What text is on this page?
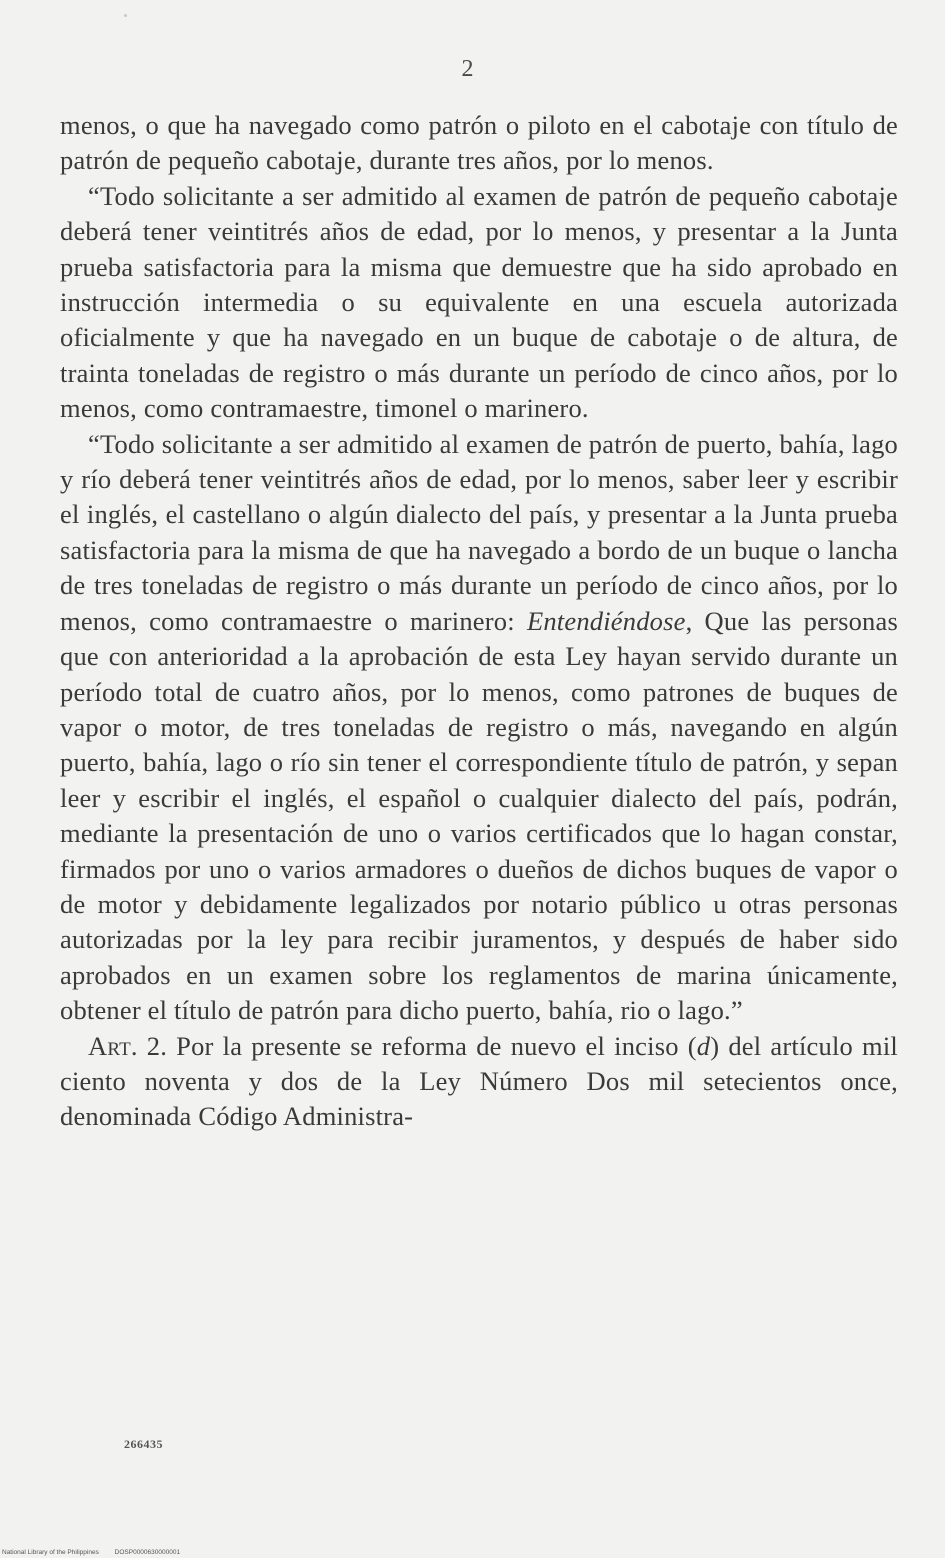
2

menos, o que ha navegado como patrón o piloto en el cabotaje con título de patrón de pequeño cabotaje, durante tres años, por lo menos.

“Todo solicitante a ser admitido al examen de patrón de pequeño cabotaje deberá tener veintitrés años de edad, por lo menos, y presentar a la Junta prueba satisfactoria para la misma que demuestre que ha sido aprobado en instrucción intermedia o su equivalente en una escuela autorizada oficialmente y que ha navegado en un buque de cabotaje o de altura, de trainta toneladas de registro o más durante un período de cinco años, por lo menos, como contramaestre, timonel o marinero.

“Todo solicitante a ser admitido al examen de patrón de puerto, bahía, lago y río deberá tener veintitrés años de edad, por lo menos, saber leer y escribir el inglés, el castellano o algún dialecto del país, y presentar a la Junta prueba satisfactoria para la misma de que ha navegado a bordo de un buque o lancha de tres toneladas de registro o más durante un período de cinco años, por lo menos, como contramaestre o marinero: Entendiéndose, Que las personas que con anterioridad a la aprobación de esta Ley hayan servido durante un período total de cuatro años, por lo menos, como patrones de buques de vapor o motor, de tres toneladas de registro o más, navegando en algún puerto, bahía, lago o río sin tener el correspondiente título de patrón, y sepan leer y escribir el inglés, el español o cualquier dialecto del país, podrán, mediante la presentación de uno o varios certificados que lo hagan constar, firmados por uno o varios armadores o dueños de dichos buques de vapor o de motor y debidamente legalizados por notario público u otras personas autorizadas por la ley para recibir juramentos, y después de haber sido aprobados en un examen sobre los reglamentos de marina únicamente, obtener el título de patrón para dicho puerto, bahía, rio o lago.”

Art. 2. Por la presente se reforma de nuevo el inciso (d) del artículo mil ciento noventa y dos de la Ley Número Dos mil setecientos once, denominada Código Administra-

266435
National Library of the Philippines DOSP0000630000001
